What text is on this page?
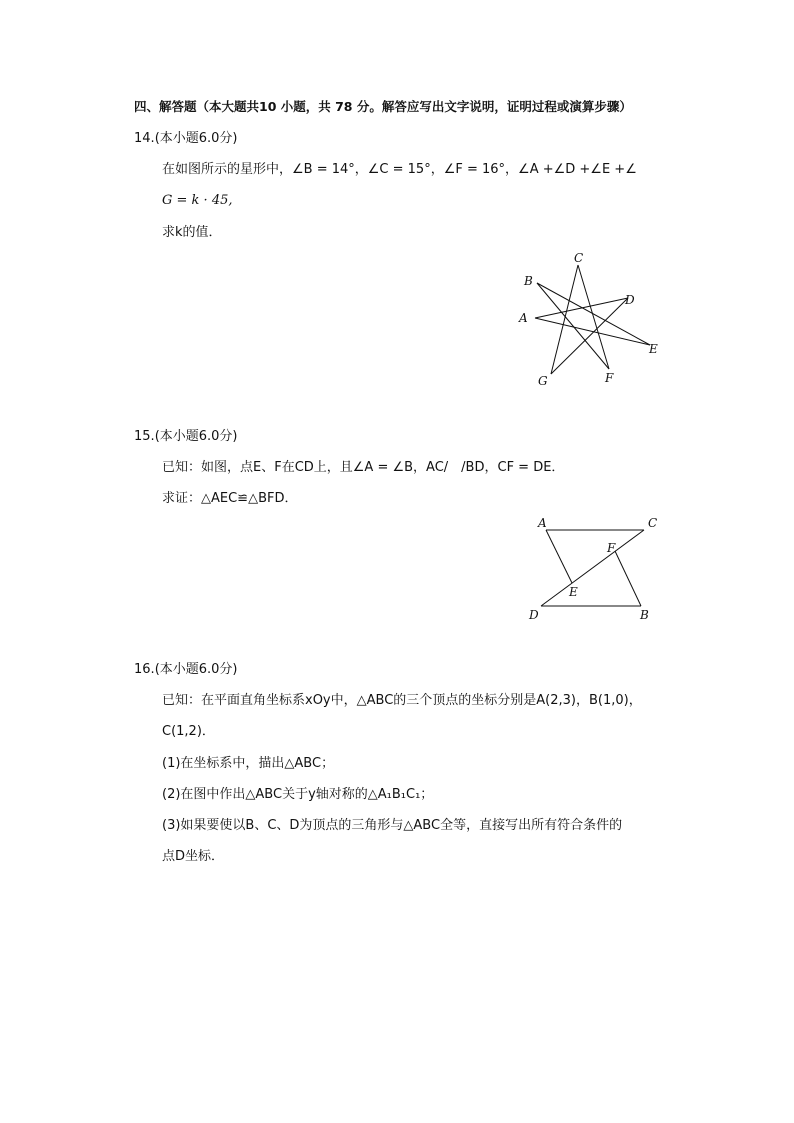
四、解答题（本大题共10 小题，共 78 分。解答应写出文字说明，证明过程或演算步骤）
14.(本小题6.0分)
在如图所示的星形中，∠B = 14°，∠C = 15°，∠F = 16°，∠A +∠D +∠E +∠
G = k · 45,
求k的值．
C
B
D
A
E
G	F
A	C
F
E
D	B
15.(本小题6.0分)
已知：如图，点E、F在CD上，且∠A = ∠B，AC/　/BD，CF = DE．
求证：△AEC≌△BFD．
16.(本小题6.0分)
已知：在平面直角坐标系xOy中，△ABC的三个顶点的坐标分别是A(2,3)，B(1,0)，
C(1,2)．
(1)在坐标系中，描出△ABC；
(2)在图中作出△ABC关于y轴对称的△A₁B₁C₁；
(3)如果要使以B、C、D为顶点的三角形与△ABC全等，直接写出所有符合条件的
点D坐标．
